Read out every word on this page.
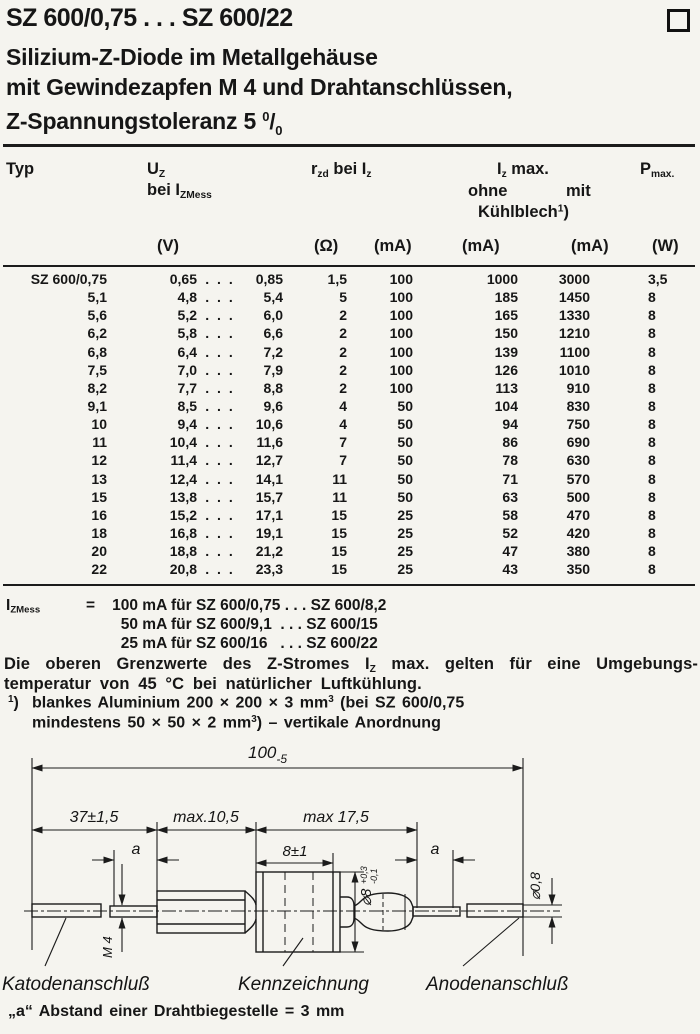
SZ 600/0,75 . . . SZ 600/22
Silizium-Z-Diode im Metallgehäuse
mit Gewindezapfen M 4 und Drahtanschlüssen,
Z-Spannungstoleranz 5 $^0/_0$
Typ	$U_Z$
bei $I_{ZMess}$
$r_{zd}$ bei $I_z$	$I_z$ max.
ohne	mit
Kühlblech$^1$)
$P_{max.}$
(V)	(Ω) (mA)	(mA)	(mA)	(W)
SZ 600/0,75	0,65 . . .	0,85	1,5	100	1000	3000	3,5
5,1	4,8 . . .	5,4	5	100	185	1450	8
5,6	5,2 . . .	6,0	2	100	165	1330	8
6,2	5,8 . . .	6,6	2	100	150	1210	8
6,8	6,4 . . .	7,2	2	100	139	1100	8
7,5	7,0 . . .	7,9	2	100	126	1010	8
8,2	7,7 . . .	8,8	2	100	113	910	8
9,1	8,5 . . .	9,6	4	50	104	830	8
10	9,4 . . .	10,6	4	50	94	750	8
11	10,4 . . .	11,6	7	50	86	690	8
12	11,4 . . .	12,7	7	50	78	630	8
13	12,4 . . .	14,1	11	50	71	570	8
15	13,8 . . .	15,7	11	50	63	500	8
16	15,2 . . .	17,1	15	25	58	470	8
18	16,8 . . .	19,1	15	25	52	420	8
20	18,8 . . .	21,2	15	25	47	380	8
22	20,8 . . .	23,3	15	25	43	350	8
$I_{ZMess}$	=	100 mA für SZ 600/0,75 . . . SZ 600/8,2
50 mA für SZ 600/9,1  . . . SZ 600/15
25 mA für SZ 600/16   . . . SZ 600/22
Die oberen Grenzwerte des Z-Stromes $I_Z$ max. gelten für eine Umgebungs-
temperatur von 45 °C bei natürlicher Luftkühlung.
$^1$) blankes Aluminium 200 × 200 × 3 $mm^3$ (bei SZ 600/0,75
mindestens 50 × 50 × 2 $mm^3$) – vertikale Anordnung
$100_{-5}$
37±1,5	max.10,5	max 17,5
8±1
a	a
M 4
⌀8+0,3-0,1	⌀0,8
Katodenanschluß	Kennzeichnung	Anodenanschluß
„a“ Abstand einer Drahtbiegestelle = 3 mm
